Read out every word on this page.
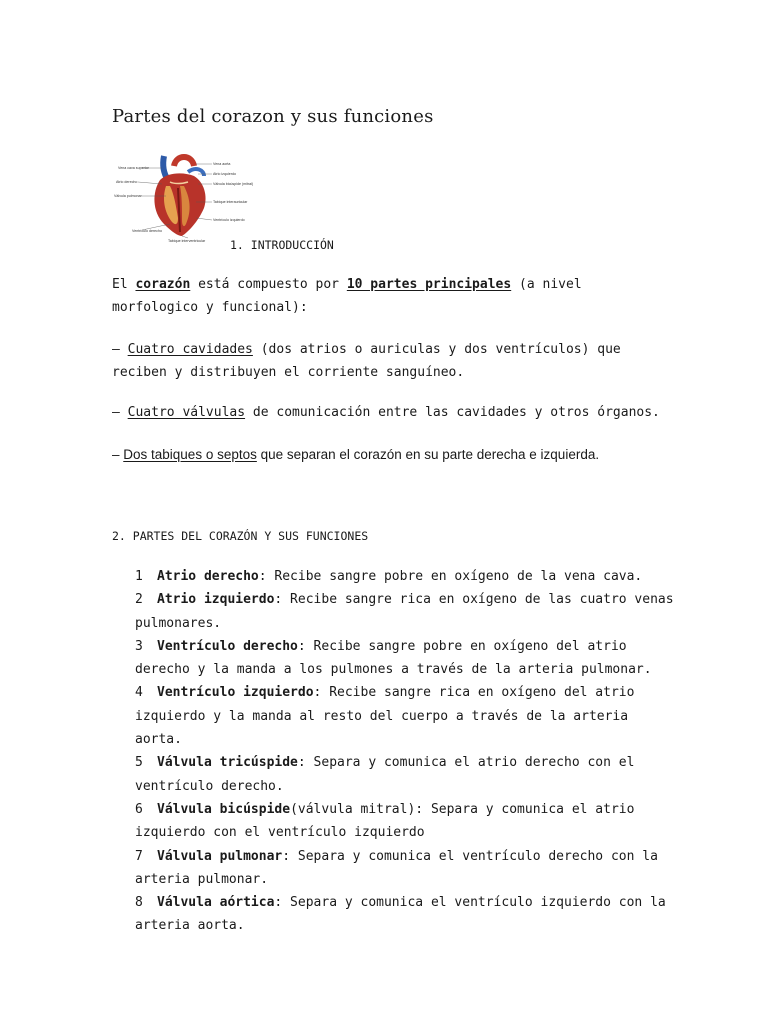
Partes del corazon y sus funciones
Vena cava superior
Atrio derecho
Válvula pulmonar
Ventrículo derecho
Vena aorta
Atrio izquierdo
Válvula bicúspide (mitral)
Tabique interauricular
Ventrículo izquierdo
Tabique interventricular 1. INTRODUCCIÓN
El corazón está compuesto por 10 partes principales (a nivel morfologico y funcional):
– Cuatro cavidades (dos atrios o auriculas y dos ventrículos) que reciben y distribuyen el corriente sanguíneo.
– Cuatro válvulas de comunicación entre las cavidades y otros órganos.
– Dos tabiques o septos que separan el corazón en su parte derecha e izquierda.
2. PARTES DEL CORAZÓN Y SUS FUNCIONES
1 Atrio derecho: Recibe sangre pobre en oxígeno de la vena cava.
2 Atrio izquierdo: Recibe sangre rica en oxígeno de las cuatro venas pulmonares.
3 Ventrículo derecho: Recibe sangre pobre en oxígeno del atrio derecho y la manda a los pulmones a través de la arteria pulmonar.
4 Ventrículo izquierdo: Recibe sangre rica en oxígeno del atrio izquierdo y la manda al resto del cuerpo a través de la arteria aorta.
5 Válvula tricúspide: Separa y comunica el atrio derecho con el ventrículo derecho.
6 Válvula bicúspide(válvula mitral): Separa y comunica el atrio izquierdo con el ventrículo izquierdo
7 Válvula pulmonar: Separa y comunica el ventrículo derecho con la arteria pulmonar.
8 Válvula aórtica: Separa y comunica el ventrículo izquierdo con la arteria aorta.
